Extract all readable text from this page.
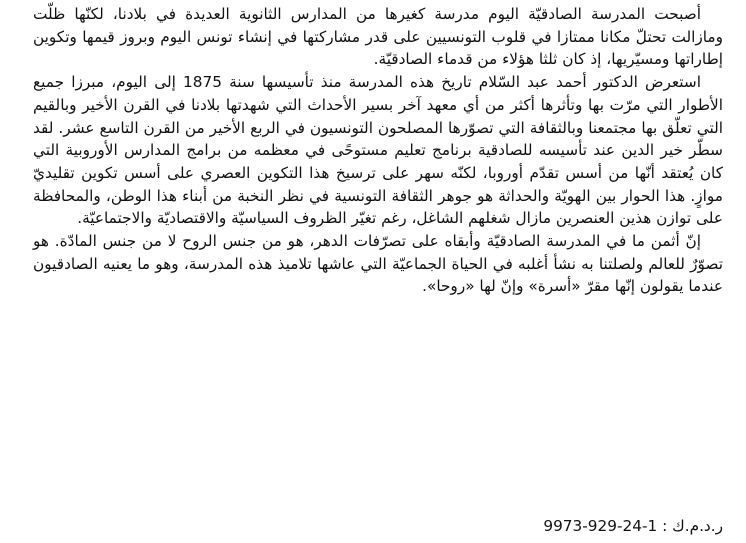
أصبحت المدرسة الصادقيّة اليوم مدرسة كغيرها من المدارس الثانوية العديدة في بلادنا، لكنّها ظلّت ومازالت تحتلّ مكانا ممتازا في قلوب التونسيين على قدر مشاركتها في إنشاء تونس اليوم وبروز قيمها وتكوين إطاراتها ومسيّريها، إذ كان ثلثا هؤلاء من قدماء الصادقيّة.

استعرض الدكتور أحمد عبد السّلام تاريخ هذه المدرسة منذ تأسيسها سنة 1875 إلى اليوم، مبرزا جميع الأطوار التي مرّت بها وتأثرها أكثر من أي معهد آخر بسير الأحداث التي شهدتها بلادنا في القرن الأخير وبالقيم التي تعلّق بها مجتمعنا وبالثقافة التي تصوّرها المصلحون التونسيون في الربع الأخير من القرن التاسع عشر. لقد سطّر خير الدين عند تأسيسه للصادقية برنامج تعليم مستوحًى في معظمه من برامج المدارس الأوروبية التي كان يُعتقد أنّها من أسس تقدّم أوروبا، لكنّه سهر على ترسيخ هذا التكوين العصري على أسس تكوين تقليديّ موازٍ. هذا الحوار بين الهويّة والحداثة هو جوهر الثقافة التونسية في نظر النخبة من أبناء هذا الوطن، والمحافظة على توازن هذين العنصرين مازال شغلهم الشاغل، رغم تغيّر الظروف السياسيّة والاقتصاديّة والاجتماعيّة.

إنّ أثمن ما في المدرسة الصادقيّة وأبقاه على تصرّفات الدهر، هو من جنس الروح لا من جنس المادّة. هو تصوّرٌ للعالم ولصلتنا به نشأ أغلبه في الحياة الجماعيّة التي عاشها تلاميذ هذه المدرسة، وهو ما يعنيه الصادقيون عندما يقولون إنّها مقرّ «أسرة» وإنّ لها «روحا».

ر.د.م.ك : 9973-929-24-1
